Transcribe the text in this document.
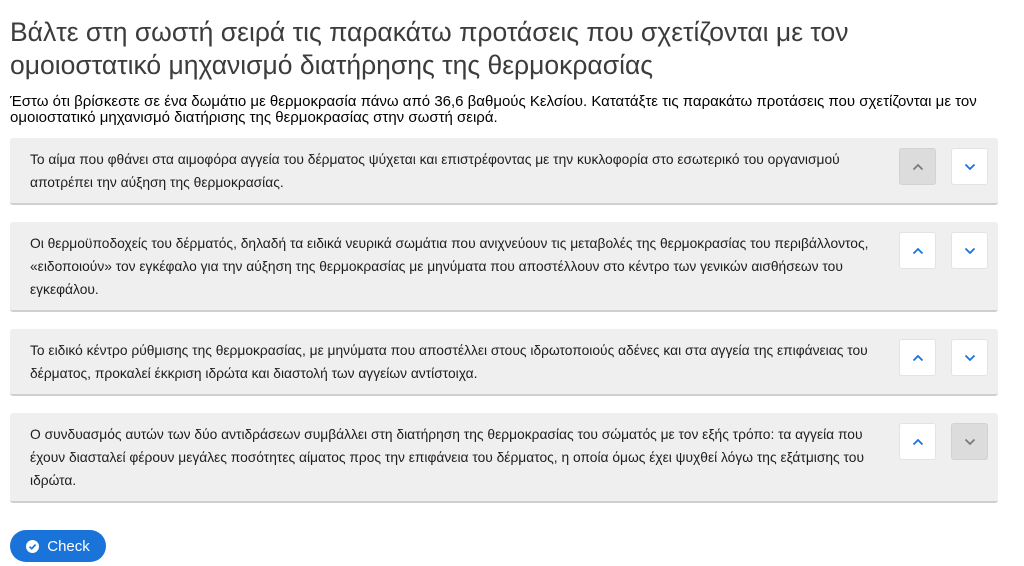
Βάλτε στη σωστή σειρά τις παρακάτω προτάσεις που σχετίζονται με τον ομοιοστατικό μηχανισμό διατήρησης της θερμοκρασίας

Έστω ότι βρίσκεστε σε ένα δωμάτιο με θερμοκρασία πάνω από 36,6 βαθμούς Κελσίου. Κατατάξτε τις παρακάτω προτάσεις που σχετίζονται με τον ομοιοστατικό μηχανισμό διατήρισης της θερμοκρασίας στην σωστή σειρά.

Το αίμα που φθάνει στα αιμοφόρα αγγεία του δέρματος ψύχεται και επιστρέφοντας με την κυκλοφορία στο εσωτερικό του οργανισμού αποτρέπει την αύξηση της θερμοκρασίας.
Οι θερμοϋποδοχείς του δέρματός, δηλαδή τα ειδικά νευρικά σωμάτια που ανιχνεύουν τις μεταβολές της θερμοκρασίας του περιβάλλοντος, «ειδοποιούν» τον εγκέφαλο για την αύξηση της θερμοκρασίας με μηνύματα που αποστέλλουν στο κέντρο των γενικών αισθήσεων του εγκεφάλου.
Το ειδικό κέντρο ρύθμισης της θερμοκρασίας, με μηνύματα που αποστέλλει στους ιδρωτοποιούς αδένες και στα αγγεία της επιφάνειας του δέρματος, προκαλεί έκκριση ιδρώτα και διαστολή των αγγείων αντίστοιχα.
Ο συνδυασμός αυτών των δύο αντιδράσεων συμβάλλει στη διατήρηση της θερμοκρασίας του σώματός με τον εξής τρόπο: τα αγγεία που έχουν διασταλεί φέρουν μεγάλες ποσότητες αίματος προς την επιφάνεια του δέρματος, η οποία όμως έχει ψυχθεί λόγω της εξάτμισης του ιδρώτα.
Check
